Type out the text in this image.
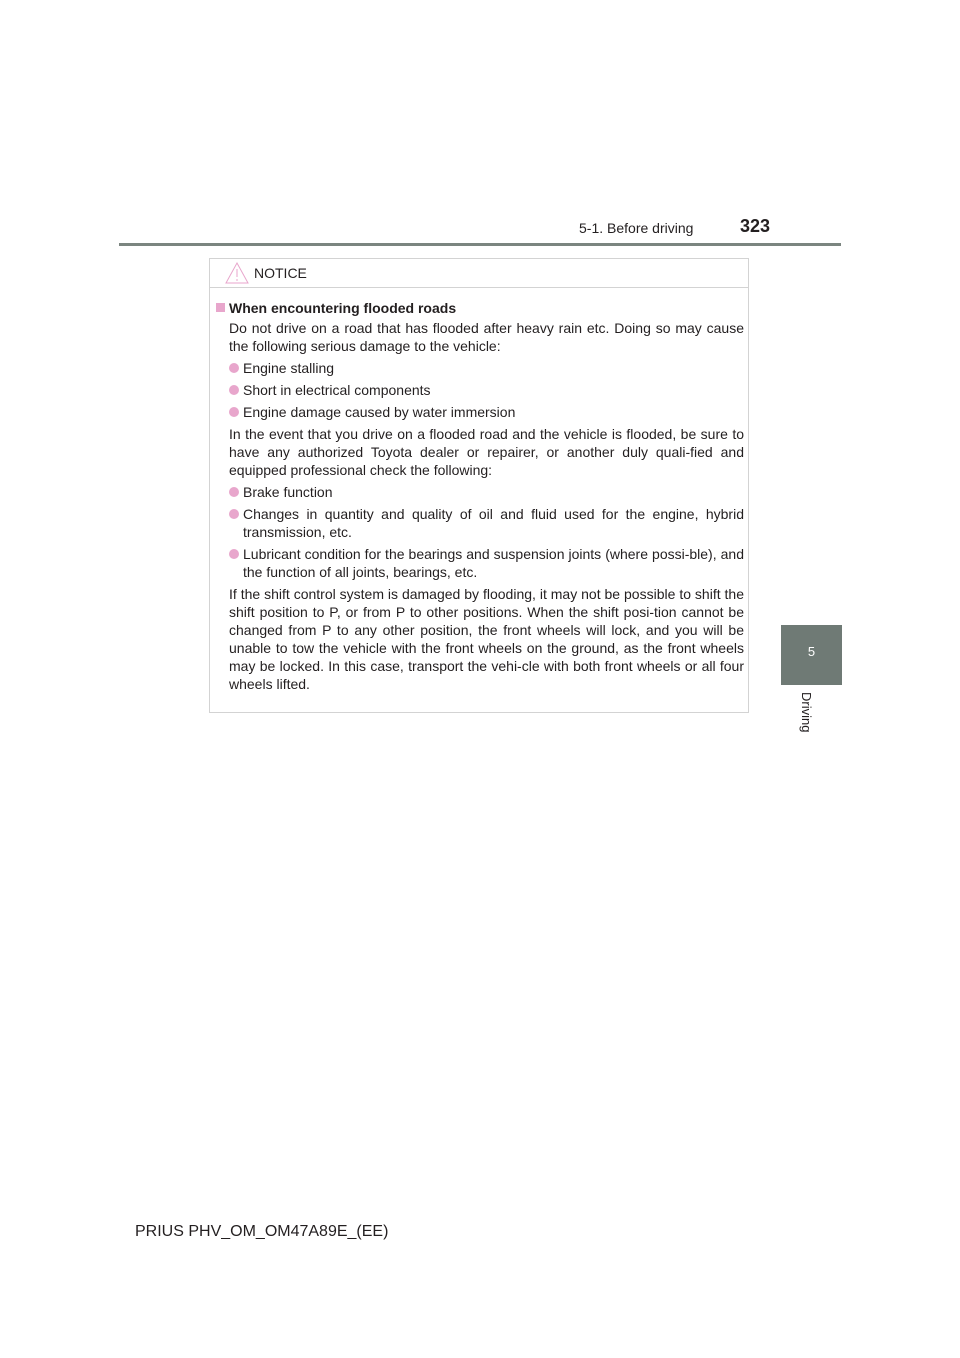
5-1. Before driving	323
5
Driving
NOTICE
When encountering flooded roads
Do not drive on a road that has flooded after heavy rain etc. Doing so may cause the following serious damage to the vehicle:
Engine stalling
Short in electrical components
Engine damage caused by water immersion
In the event that you drive on a flooded road and the vehicle is flooded, be sure to have any authorized Toyota dealer or repairer, or another duly quali-fied and equipped professional check the following:
Brake function
Changes in quantity and quality of oil and fluid used for the engine, hybrid transmission, etc.
Lubricant condition for the bearings and suspension joints (where possi-ble), and the function of all joints, bearings, etc.
If the shift control system is damaged by flooding, it may not be possible to shift the shift position to P, or from P to other positions. When the shift posi-tion cannot be changed from P to any other position, the front wheels will lock, and you will be unable to tow the vehicle with the front wheels on the ground, as the front wheels may be locked. In this case, transport the vehi-cle with both front wheels or all four wheels lifted.
PRIUS PHV_OM_OM47A89E_(EE)
